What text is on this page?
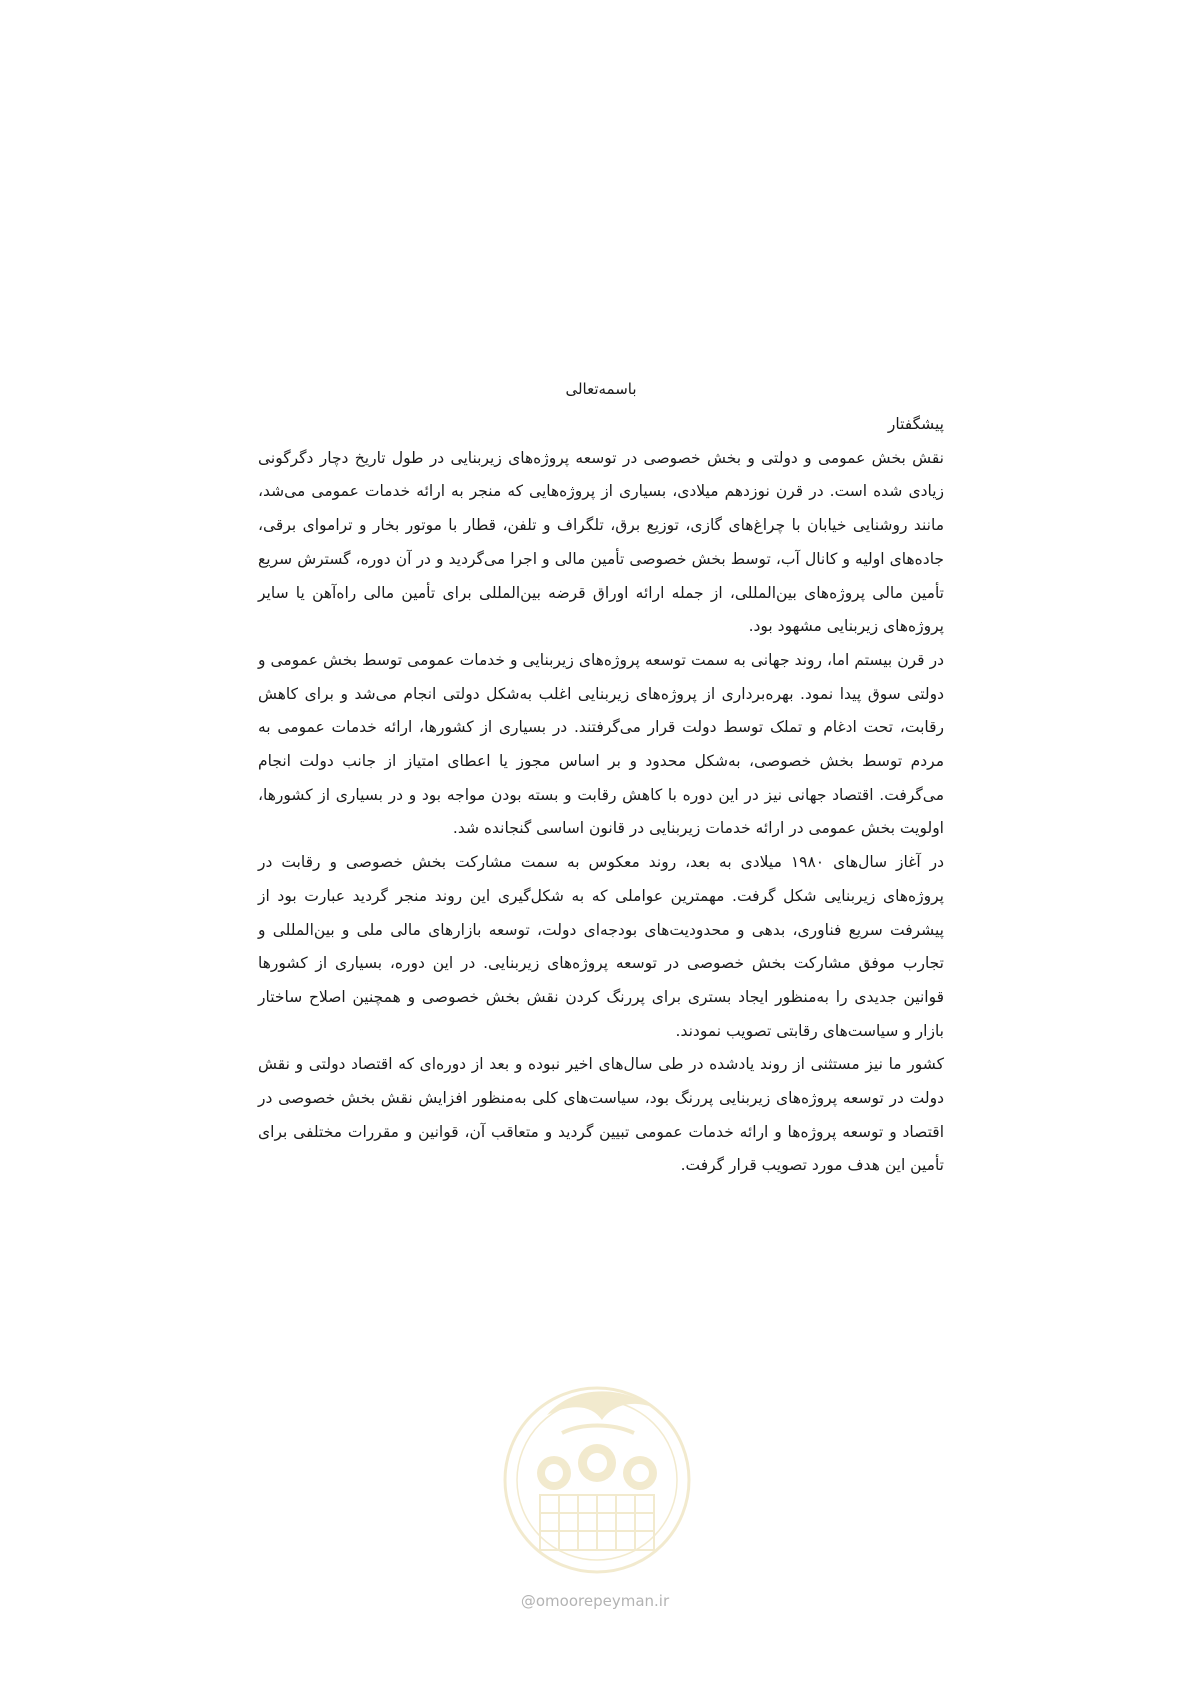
باسمه‌تعالی

پیشگفتار

نقش بخش عمومی و دولتی و بخش خصوصی در توسعه پروژه‌های زیربنایی در طول تاریخ دچار دگرگونی زیادی شده است. در قرن نوزدهم میلادی، بسیاری از پروژه‌هایی که منجر به ارائه خدمات عمومی می‌شد، مانند روشنایی خیابان با چراغ‌های گازی، توزیع برق، تلگراف و تلفن، قطار با موتور بخار و تراموای برقی، جاده‌های اولیه و کانال آب، توسط بخش خصوصی تأمین مالی و اجرا می‌گردید و در آن دوره، گسترش سریع تأمین مالی پروژه‌های بین‌المللی، از جمله ارائه اوراق قرضه بین‌المللی برای تأمین مالی راه‌آهن یا سایر پروژه‌های زیربنایی مشهود بود.

در قرن بیستم اما، روند جهانی به سمت توسعه پروژه‌های زیربنایی و خدمات عمومی توسط بخش عمومی و دولتی سوق پیدا نمود. بهره‌برداری از پروژه‌های زیربنایی اغلب به‌شکل دولتی انجام می‌شد و برای کاهش رقابت، تحت ادغام و تملک توسط دولت قرار می‌گرفتند. در بسیاری از کشورها، ارائه خدمات عمومی به مردم توسط بخش خصوصی، به‌شکل محدود و بر اساس مجوز یا اعطای امتیاز از جانب دولت انجام می‌گرفت. اقتصاد جهانی نیز در این دوره با کاهش رقابت و بسته بودن مواجه بود و در بسیاری از کشورها، اولویت بخش عمومی در ارائه خدمات زیربنایی در قانون اساسی گنجانده شد.

در آغاز سال‌های ۱۹۸۰ میلادی به بعد، روند معکوس به سمت مشارکت بخش خصوصی و رقابت در پروژه‌های زیربنایی شکل گرفت. مهمترین عواملی که به شکل‌گیری این روند منجر گردید عبارت بود از پیشرفت سریع فناوری، بدهی و محدودیت‌های بودجه‌ای دولت، توسعه بازارهای مالی ملی و بین‌المللی و تجارب موفق مشارکت بخش خصوصی در توسعه پروژه‌های زیربنایی. در این دوره، بسیاری از کشورها قوانین جدیدی را به‌منظور ایجاد بستری برای پررنگ کردن نقش بخش خصوصی و همچنین اصلاح ساختار بازار و سیاست‌های رقابتی تصویب نمودند.

کشور ما نیز مستثنی از روند یادشده در طی سال‌های اخیر نبوده و بعد از دوره‌ای که اقتصاد دولتی و نقش دولت در توسعه پروژه‌های زیربنایی پررنگ بود، سیاست‌های کلی به‌منظور افزایش نقش بخش خصوصی در اقتصاد و توسعه پروژه‌ها و ارائه خدمات عمومی تبیین گردید و متعاقب آن، قوانین و مقررات مختلفی برای تأمین این هدف مورد تصویب قرار گرفت.

@omoorepeyman.ir
